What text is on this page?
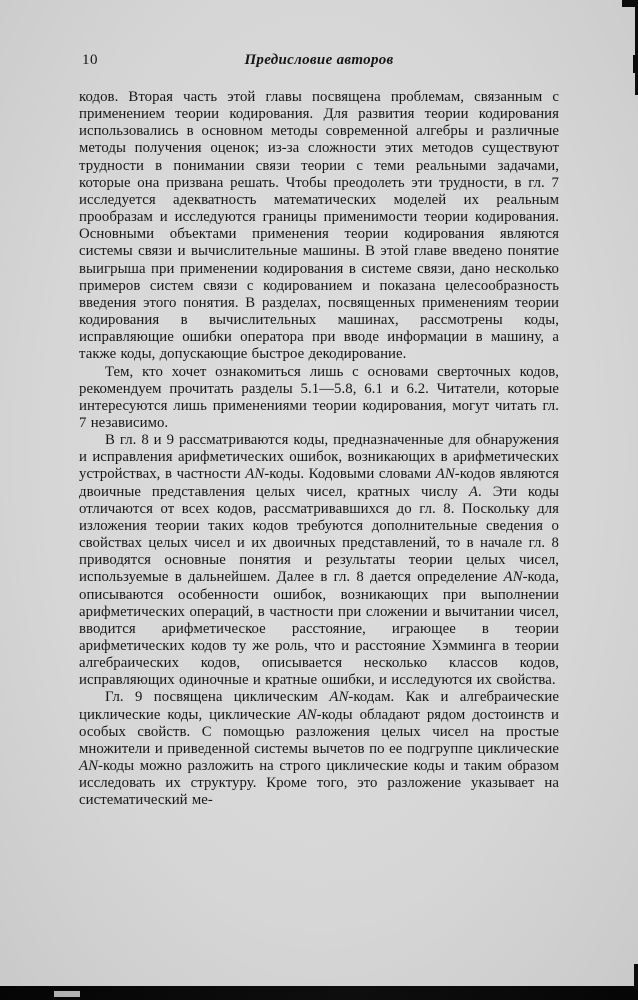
10	Предисловие авторов

кодов. Вторая часть этой главы посвящена проблемам, связанным с применением теории кодирования. Для развития теории кодирования использовались в основном методы современной алгебры и различные методы получения оценок; из-за сложности этих методов существуют трудности в понимании связи теории с теми реальными задачами, которые она призвана решать. Чтобы преодолеть эти трудности, в гл. 7 исследуется адекватность математических моделей их реальным прообразам и исследуются границы применимости теории кодирования. Основными объектами применения теории кодирования являются системы связи и вычислительные машины. В этой главе введено понятие выигрыша при применении кодирования в системе связи, дано несколько примеров систем связи с кодированием и показана целесообразность введения этого понятия. В разделах, посвященных применениям теории кодирования в вычислительных машинах, рассмотрены коды, исправляющие ошибки оператора при вводе информации в машину, а также коды, допускающие быстрое декодирование.

Тем, кто хочет ознакомиться лишь с основами сверточных кодов, рекомендуем прочитать разделы 5.1—5.8, 6.1 и 6.2. Читатели, которые интересуются лишь применениями теории кодирования, могут читать гл. 7 независимо.

В гл. 8 и 9 рассматриваются коды, предназначенные для обнаружения и исправления арифметических ошибок, возникающих в арифметических устройствах, в частности AN-коды. Кодовыми словами AN-кодов являются двоичные представления целых чисел, кратных числу A. Эти коды отличаются от всех кодов, рассматривавшихся до гл. 8. Поскольку для изложения теории таких кодов требуются дополнительные сведения о свойствах целых чисел и их двоичных представлений, то в начале гл. 8 приводятся основные понятия и результаты теории целых чисел, используемые в дальнейшем. Далее в гл. 8 дается определение AN-кода, описываются особенности ошибок, возникающих при выполнении арифметических операций, в частности при сложении и вычитании чисел, вводится арифметическое расстояние, играющее в теории арифметических кодов ту же роль, что и расстояние Хэмминга в теории алгебраических кодов, описывается несколько классов кодов, исправляющих одиночные и кратные ошибки, и исследуются их свойства.

Гл. 9 посвящена циклическим AN-кодам. Как и алгебраические циклические коды, циклические AN-коды обладают рядом достоинств и особых свойств. С помощью разложения целых чисел на простые множители и приведенной системы вычетов по ее подгруппе циклические AN-коды можно разложить на строго циклические коды и таким образом исследовать их структуру. Кроме того, это разложение указывает на систематический ме-
